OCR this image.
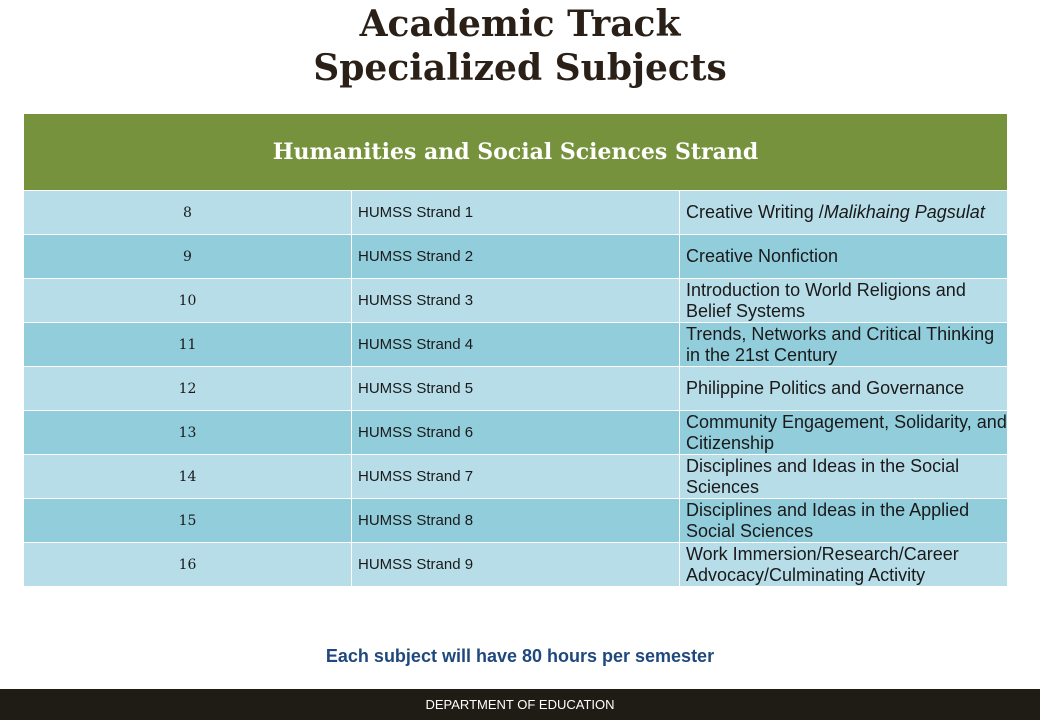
Academic Track
Specialized Subjects
Humanities and Social Sciences Strand		
8	HUMSS Strand 1	Creative Writing /Malikhaing Pagsulat
9	HUMSS Strand 2	Creative Nonfiction
10	HUMSS Strand 3	Introduction to World Religions and Belief Systems
11	HUMSS Strand 4	Trends, Networks and Critical Thinking in the 21st Century
12	HUMSS Strand 5	Philippine Politics and Governance
13	HUMSS Strand 6	Community Engagement, Solidarity, and Citizenship
14	HUMSS Strand 7	Disciplines and Ideas in the Social Sciences
15	HUMSS Strand 8	Disciplines and Ideas in the Applied Social Sciences
16	HUMSS Strand 9	Work Immersion/Research/Career Advocacy/Culminating Activity
Each subject will have 80 hours per semester
DEPARTMENT OF EDUCATION
